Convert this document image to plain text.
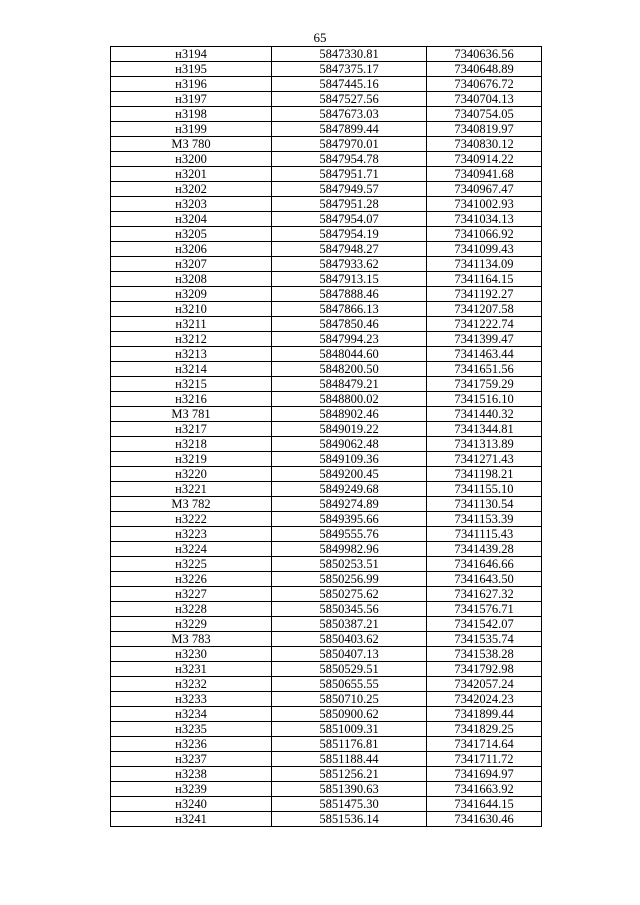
65
н3194	5847330.81	7340636.56
н3195	5847375.17	7340648.89
н3196	5847445.16	7340676.72
н3197	5847527.56	7340704.13
н3198	5847673.03	7340754.05
н3199	5847899.44	7340819.97
МЗ 780	5847970.01	7340830.12
н3200	5847954.78	7340914.22
н3201	5847951.71	7340941.68
н3202	5847949.57	7340967.47
н3203	5847951.28	7341002.93
н3204	5847954.07	7341034.13
н3205	5847954.19	7341066.92
н3206	5847948.27	7341099.43
н3207	5847933.62	7341134.09
н3208	5847913.15	7341164.15
н3209	5847888.46	7341192.27
н3210	5847866.13	7341207.58
н3211	5847850.46	7341222.74
н3212	5847994.23	7341399.47
н3213	5848044.60	7341463.44
н3214	5848200.50	7341651.56
н3215	5848479.21	7341759.29
н3216	5848800.02	7341516.10
МЗ 781	5848902.46	7341440.32
н3217	5849019.22	7341344.81
н3218	5849062.48	7341313.89
н3219	5849109.36	7341271.43
н3220	5849200.45	7341198.21
н3221	5849249.68	7341155.10
МЗ 782	5849274.89	7341130.54
н3222	5849395.66	7341153.39
н3223	5849555.76	7341115.43
н3224	5849982.96	7341439.28
н3225	5850253.51	7341646.66
н3226	5850256.99	7341643.50
н3227	5850275.62	7341627.32
н3228	5850345.56	7341576.71
н3229	5850387.21	7341542.07
МЗ 783	5850403.62	7341535.74
н3230	5850407.13	7341538.28
н3231	5850529.51	7341792.98
н3232	5850655.55	7342057.24
н3233	5850710.25	7342024.23
н3234	5850900.62	7341899.44
н3235	5851009.31	7341829.25
н3236	5851176.81	7341714.64
н3237	5851188.44	7341711.72
н3238	5851256.21	7341694.97
н3239	5851390.63	7341663.92
н3240	5851475.30	7341644.15
н3241	5851536.14	7341630.46
